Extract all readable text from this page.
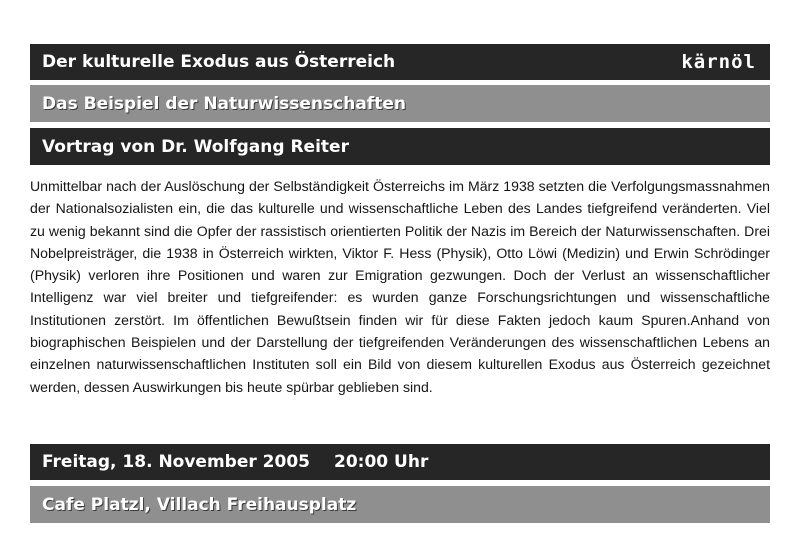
Der kulturelle Exodus aus Österreich	kärnöl
Das Beispiel der Naturwissenschaften
Vortrag von Dr. Wolfgang Reiter

Unmittelbar nach der Auslöschung der Selbständigkeit Österreichs im März 1938 setzten die Verfolgungsmassnahmen der Nationalsozialisten ein, die das kulturelle und wissenschaftliche Leben des Landes tiefgreifend veränderten. Viel zu wenig bekannt sind die Opfer der rassistisch orientierten Politik der Nazis im Bereich der Naturwissenschaften. Drei Nobelpreisträger, die 1938 in Österreich wirkten, Viktor F. Hess (Physik), Otto Löwi (Medizin) und Erwin Schrödinger (Physik) verloren ihre Positionen und waren zur Emigration gezwungen. Doch der Verlust an wissenschaftlicher Intelligenz war viel breiter und tiefgreifender: es wurden ganze Forschungsrichtungen und wissenschaftliche Institutionen zerstört. Im öffentlichen Bewußtsein finden wir für diese Fakten jedoch kaum Spuren.Anhand von biographischen Beispielen und der Darstellung der tiefgreifenden Veränderungen des wissenschaftlichen Lebens an einzelnen naturwissenschaftlichen Instituten soll ein Bild von diesem kulturellen Exodus aus Österreich gezeichnet werden, dessen Auswirkungen bis heute spürbar geblieben sind.

Freitag, 18. November 2005 20:00 Uhr
Cafe Platzl, Villach Freihausplatz
